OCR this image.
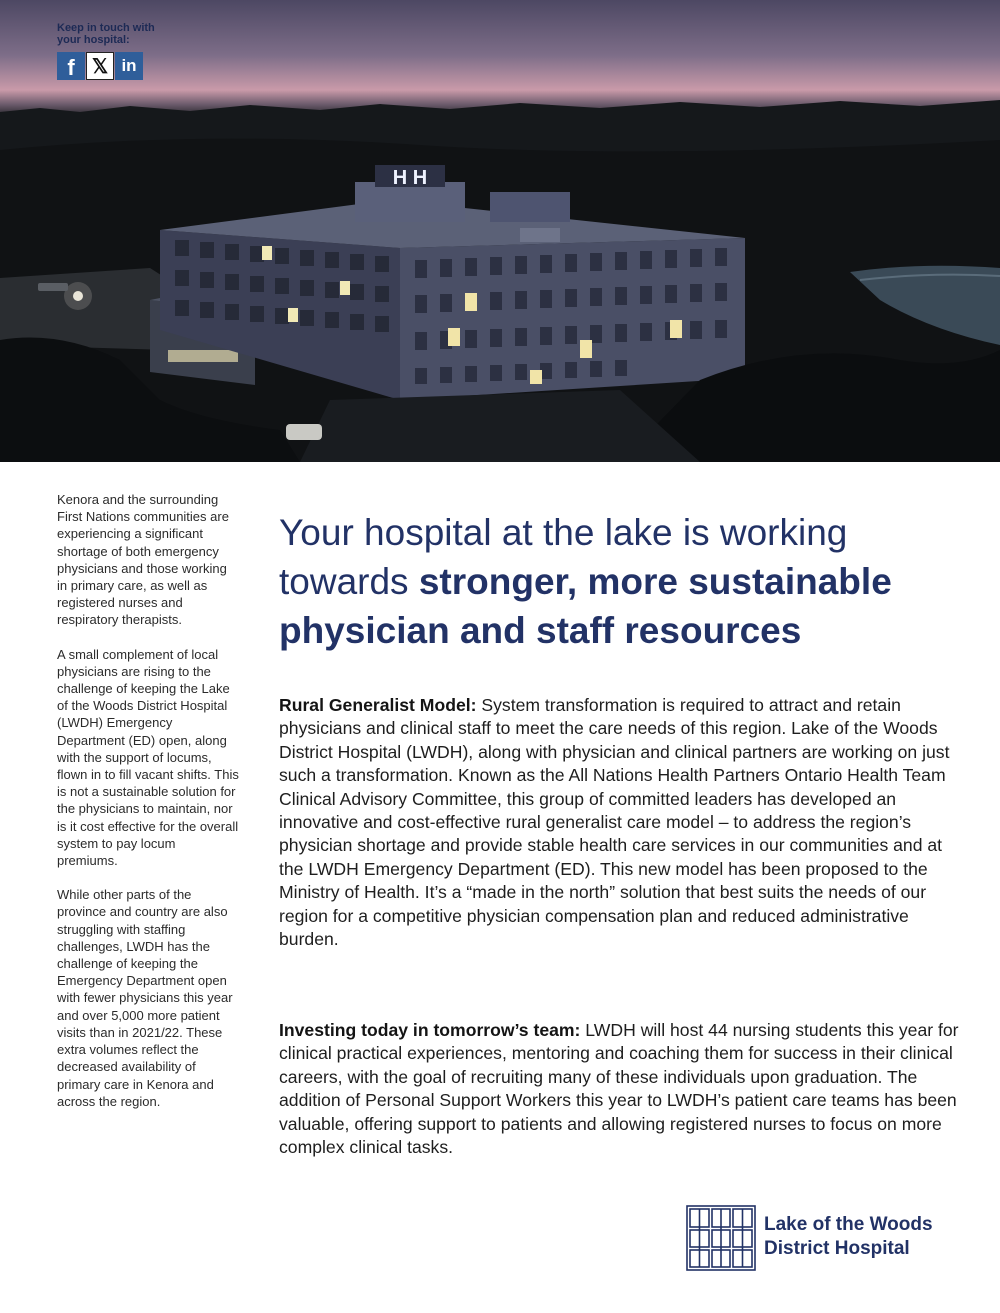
H H
Keep in touch with
your hospital:
f 𝕏 in

Kenora and the surrounding First Nations communities are experiencing a significant shortage of both emergency physicians and those working in primary care, as well as registered nurses and respiratory therapists.

A small complement of local physicians are rising to the challenge of keeping the Lake of the Woods District Hospital (LWDH) Emergency Department (ED) open, along with the support of locums, flown in to fill vacant shifts. This is not a sustainable solution for the physicians to maintain, nor is it cost effective for the overall system to pay locum premiums.

While other parts of the province and country are also struggling with staffing challenges, LWDH has the challenge of keeping the Emergency Department open with fewer physicians this year and over 5,000 more patient visits than in 2021/22. These extra volumes reflect the decreased availability of primary care in Kenora and across the region.

Your hospital at the lake is working towards stronger, more sustainable physician and staff resources

Rural Generalist Model: System transformation is required to attract and retain physicians and clinical staff to meet the care needs of this region. Lake of the Woods District Hospital (LWDH), along with physician and clinical partners are working on just such a transformation. Known as the All Nations Health Partners Ontario Health Team Clinical Advisory Committee, this group of committed leaders has developed an innovative and cost-effective rural generalist care model – to address the region’s physician shortage and provide stable health care services in our communities and at the LWDH Emergency Department (ED). This new model has been proposed to the Ministry of Health. It’s a “made in the north” solution that best suits the needs of our region for a competitive physician compensation plan and reduced administrative burden.

Investing today in tomorrow’s team: LWDH will host 44 nursing students this year for clinical practical experiences, mentoring and coaching them for success in their clinical careers, with the goal of recruiting many of these individuals upon graduation. The addition of Personal Support Workers this year to LWDH’s patient care teams has been valuable, offering support to patients and allowing registered nurses to focus on more complex clinical tasks.

Lake of the Woods
District Hospital
